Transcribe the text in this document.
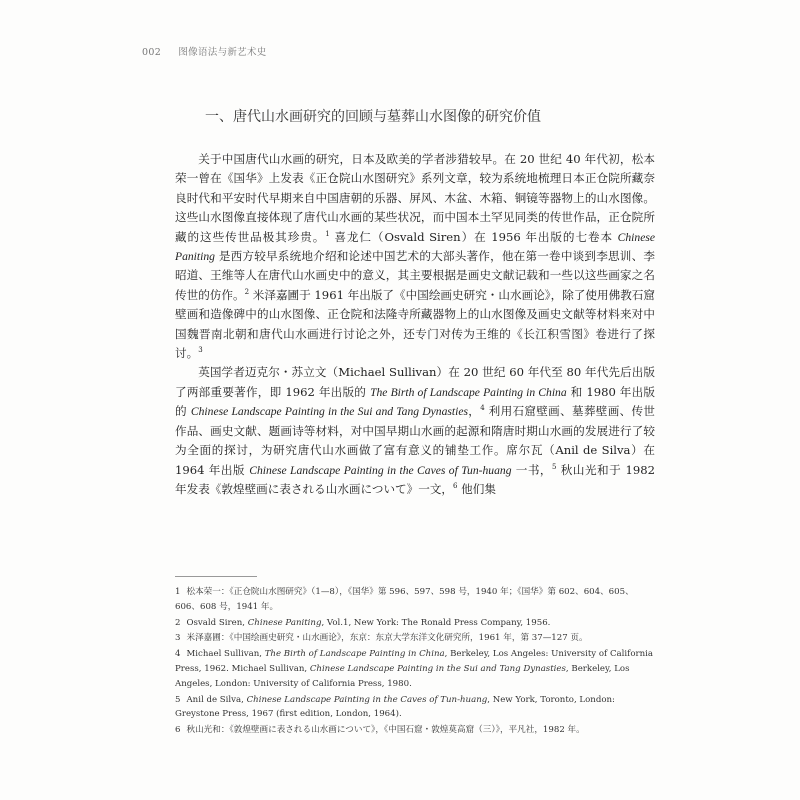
002 图像语法与新艺术史
一、唐代山水画研究的回顾与墓葬山水图像的研究价值

关于中国唐代山水画的研究，日本及欧美的学者涉猎较早。在 20 世纪 40 年代初，松本荣一曾在《国华》上发表《正仓院山水图研究》系列文章，较为系统地梳理日本正仓院所藏奈良时代和平安时代早期来自中国唐朝的乐器、屏风、木盆、木箱、铜镜等器物上的山水图像。这些山水图像直接体现了唐代山水画的某些状况，而中国本土罕见同类的传世作品，正仓院所藏的这些传世品极其珍贵。$^1$ 喜龙仁（Osvald Siren）在 1956 年出版的七卷本 Chinese Paniting 是西方较早系统地介绍和论述中国艺术的大部头著作，他在第一卷中谈到李思训、李昭道、王维等人在唐代山水画史中的意义，其主要根据是画史文献记载和一些以这些画家之名传世的仿作。$^2$ 米泽嘉圃于 1961 年出版了《中国绘画史研究・山水画论》，除了使用佛教石窟壁画和造像碑中的山水图像、正仓院和法隆寺所藏器物上的山水图像及画史文献等材料来对中国魏晋南北朝和唐代山水画进行讨论之外，还专门对传为王维的《长江积雪图》卷进行了探讨。$^3$

英国学者迈克尔・苏立文（Michael Sullivan）在 20 世纪 60 年代至 80 年代先后出版了两部重要著作，即 1962 年出版的 The Birth of Landscape Painting in China 和 1980 年出版的 Chinese Landscape Painting in the Sui and Tang Dynasties，$^4$ 利用石窟壁画、墓葬壁画、传世作品、画史文献、题画诗等材料，对中国早期山水画的起源和隋唐时期山水画的发展进行了较为全面的探讨，为研究唐代山水画做了富有意义的铺垫工作。席尔瓦（Anil de Silva）在 1964 年出版 Chinese Landscape Painting in the Caves of Tun-huang 一书，$^5$ 秋山光和于 1982 年发表《敦煌壁画に表される山水画について》一文，$^6$ 他们集

1 松本荣一：《正仓院山水图研究》（1—8），《国华》第 596、597、598 号，1940 年；《国华》第 602、604、605、606、608 号，1941 年。
2 Osvald Siren, Chinese Paniting, Vol.1, New York: The Ronald Press Company, 1956.
3 米泽嘉圃：《中国绘画史研究・山水画论》，东京：东京大学东洋文化研究所，1961 年，第 37—127 页。
4 Michael Sullivan, The Birth of Landscape Painting in China, Berkeley, Los Angeles: University of California Press, 1962. Michael Sullivan, Chinese Landscape Painting in the Sui and Tang Dynasties, Berkeley, Los Angeles, London: University of California Press, 1980.
5 Anil de Silva, Chinese Landscape Painting in the Caves of Tun-huang, New York, Toronto, London: Greystone Press, 1967 (first edition, London, 1964).
6 秋山光和：《敦煌壁画に表される山水画について》，《中国石窟・敦煌莫高窟（三）》，平凡社，1982 年。
